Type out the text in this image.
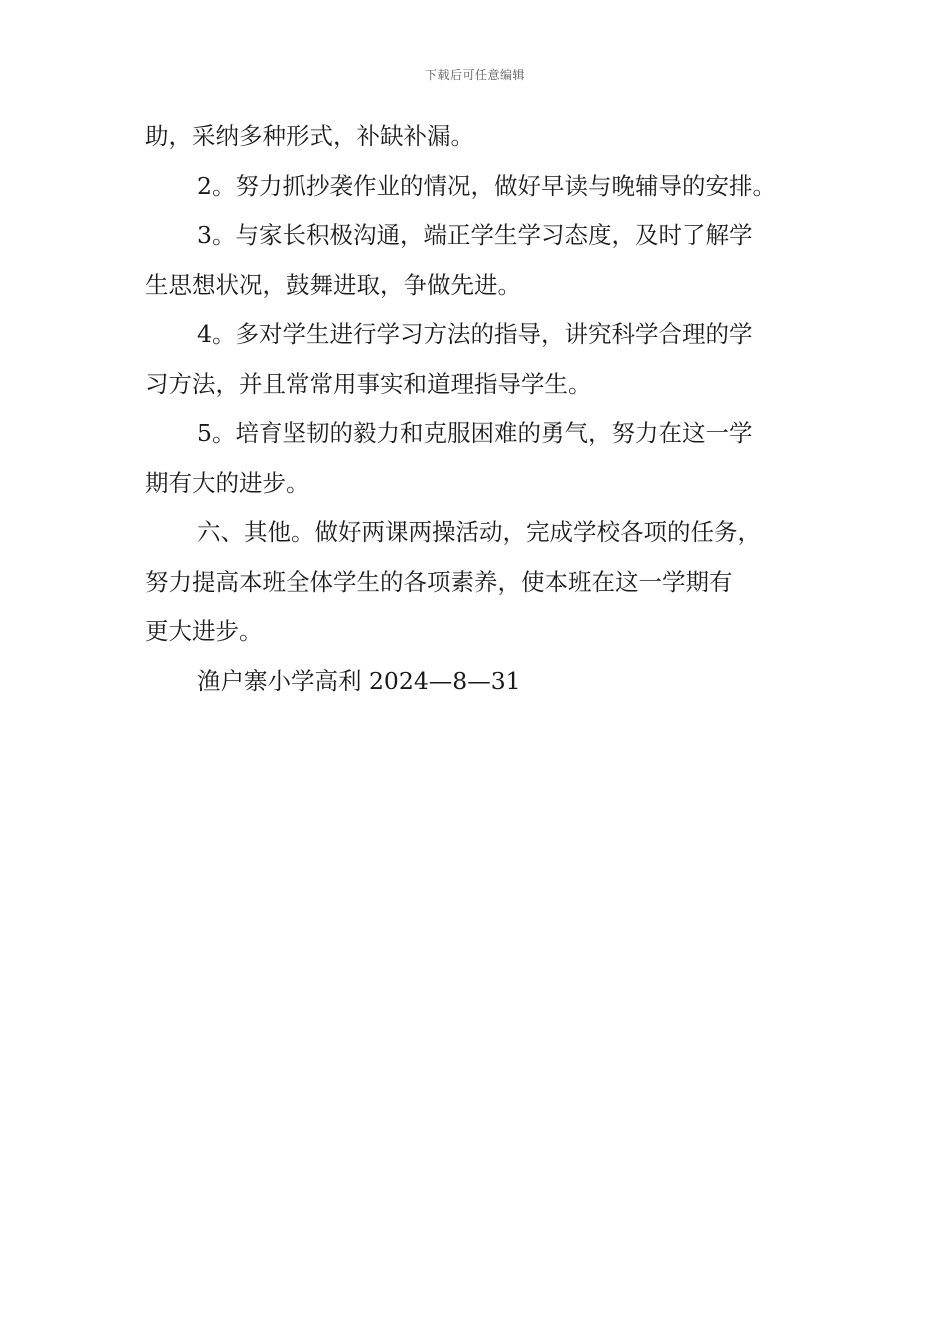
下载后可任意编辑
助，采纳多种形式，补缺补漏。
2。努力抓抄袭作业的情况，做好早读与晚辅导的安排。
3。与家长积极沟通，端正学生学习态度，及时了解学
生思想状况，鼓舞进取，争做先进。
4。多对学生进行学习方法的指导，讲究科学合理的学
习方法，并且常常用事实和道理指导学生。
5。培育坚韧的毅力和克服困难的勇气，努力在这一学
期有大的进步。
六、其他。做好两课两操活动，完成学校各项的任务，
努力提高本班全体学生的各项素养，使本班在这一学期有
更大进步。
渔户寨小学高利 2024—8—31
